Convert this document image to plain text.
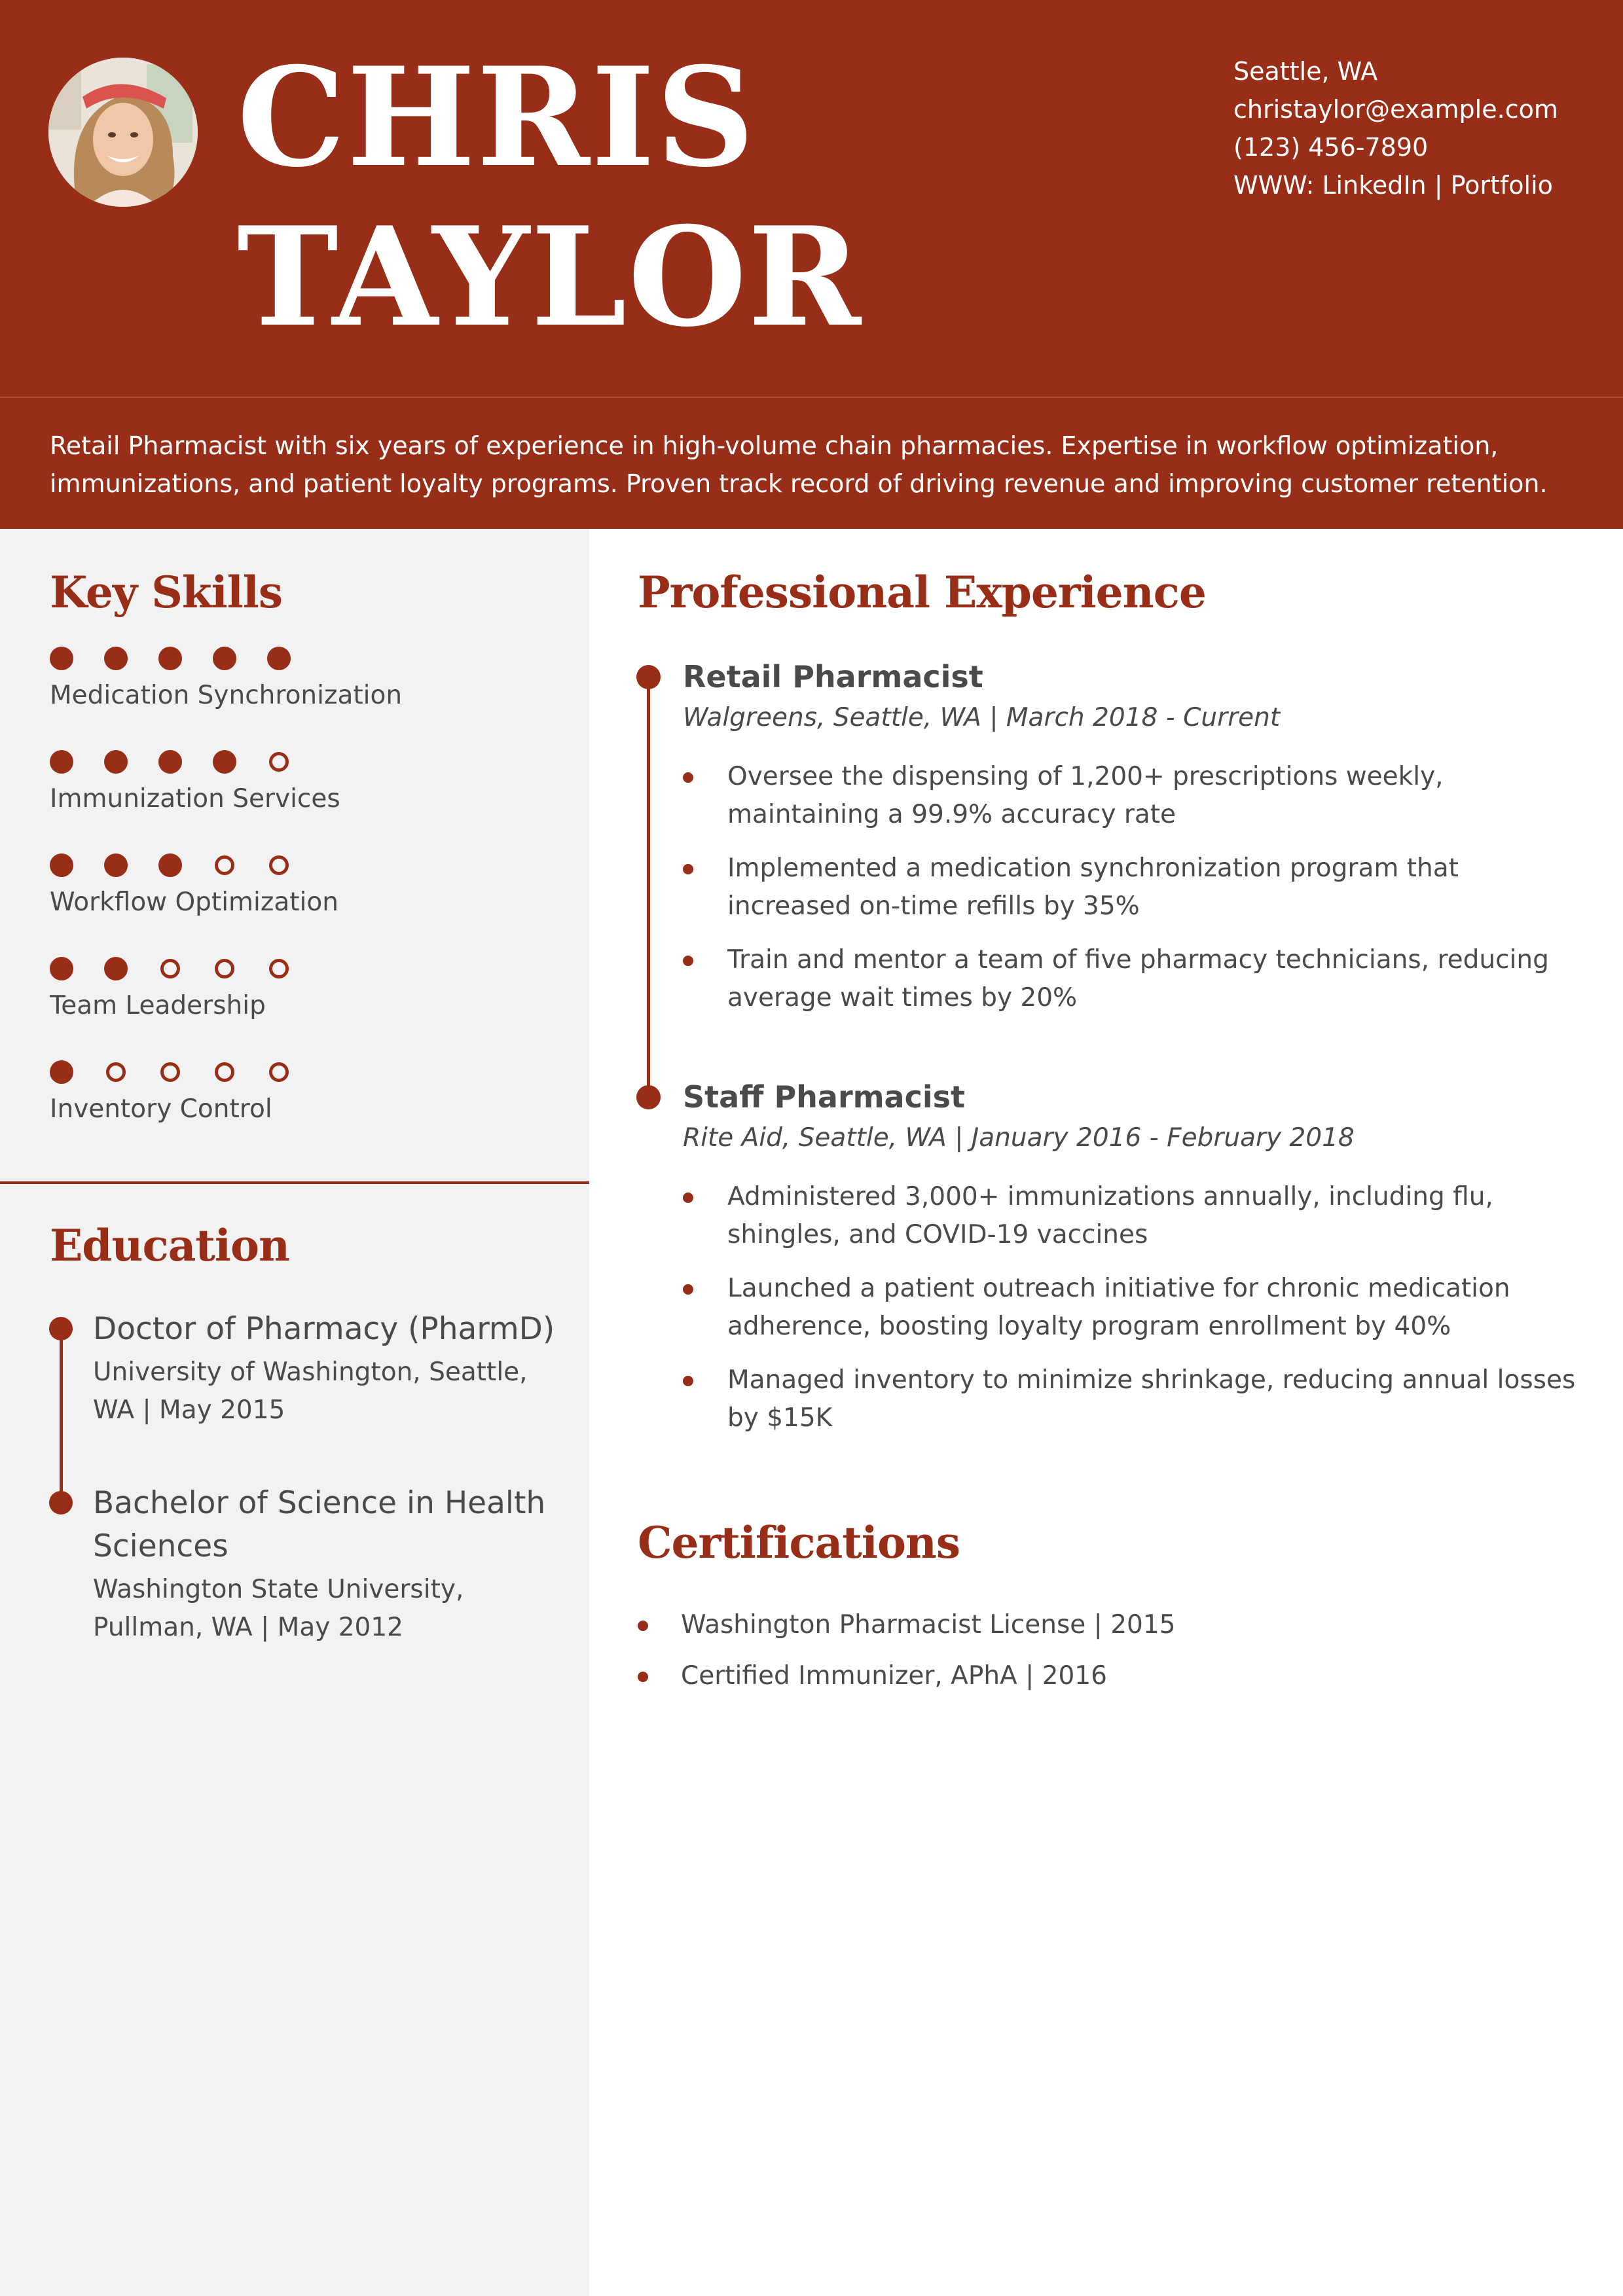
CHRIS
TAYLOR
Seattle, WA
christaylor@example.com
(123) 456-7890
WWW: LinkedIn | Portfolio

Retail Pharmacist with six years of experience in high-volume chain pharmacies. Expertise in workflow optimization, immunizations, and patient loyalty programs. Proven track record of driving revenue and improving customer retention.

Key Skills
Medication Synchronization
Immunization Services
Workflow Optimization
Team Leadership
Inventory Control
Education
Doctor of Pharmacy (PharmD)
University of Washington, Seattle, WA | May 2015
Bachelor of Science in Health Sciences
Washington State University, Pullman, WA | May 2012
Professional Experience
Retail Pharmacist
Walgreens, Seattle, WA | March 2018 - Current
Oversee the dispensing of 1,200+ prescriptions weekly, maintaining a 99.9% accuracy rate
Implemented a medication synchronization program that increased on-time refills by 35%
Train and mentor a team of five pharmacy technicians, reducing average wait times by 20%
Staff Pharmacist
Rite Aid, Seattle, WA | January 2016 - February 2018
Administered 3,000+ immunizations annually, including flu, shingles, and COVID-19 vaccines
Launched a patient outreach initiative for chronic medication adherence, boosting loyalty program enrollment by 40%
Managed inventory to minimize shrinkage, reducing annual losses by $15K
Certifications
Washington Pharmacist License | 2015
Certified Immunizer, APhA | 2016
